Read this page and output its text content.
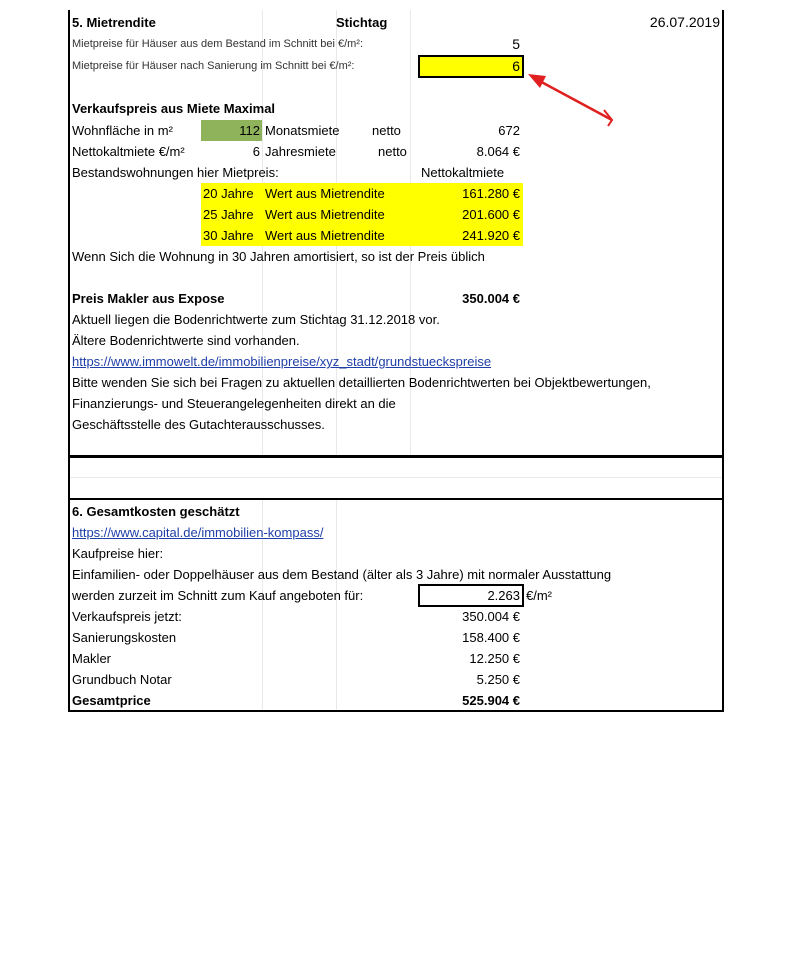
5. Mietrendite	Stichtag	26.07.2019
Mietpreise für Häuser aus dem Bestand im Schnitt bei €/m²:	5
Mietpreise für Häuser nach Sanierung im Schnitt bei €/m²:	6
Verkaufspreis aus Miete Maximal
Wohnfläche in m²	112 Monatsmiete	netto	672
Nettokaltmiete €/m²	6 Jahresmiete	netto	8.064 €
Bestandswohnungen hier Mietpreis:	Nettokaltmiete
20 Jahre Wert aus Mietrendite	161.280 €
25 Jahre Wert aus Mietrendite	201.600 €
30 Jahre Wert aus Mietrendite	241.920 €
Wenn Sich die Wohnung in 30 Jahren amortisiert, so ist der Preis üblich
Preis Makler aus Expose	350.004 €
Aktuell liegen die Bodenrichtwerte zum Stichtag 31.12.2018 vor.
Ältere Bodenrichtwerte sind vorhanden.
https://www.immowelt.de/immobilienpreise/xyz_stadt/grundstueckspreise
Bitte wenden Sie sich bei Fragen zu aktuellen detaillierten Bodenrichtwerten bei Objektbewertungen,
Finanzierungs- und Steuerangelegenheiten direkt an die
Geschäftsstelle des Gutachterausschusses.
6. Gesamtkosten geschätzt
https://www.capital.de/immobilien-kompass/
Kaufpreise hier:
Einfamilien- oder Doppelhäuser aus dem Bestand (älter als 3 Jahre) mit normaler Ausstattung
werden zurzeit im Schnitt zum Kauf angeboten für:	2.263 €/m²
Verkaufspreis jetzt:	350.004 €
Sanierungskosten	158.400 €
Makler	12.250 €
Grundbuch Notar	5.250 €
Gesamtprice	525.904 €
